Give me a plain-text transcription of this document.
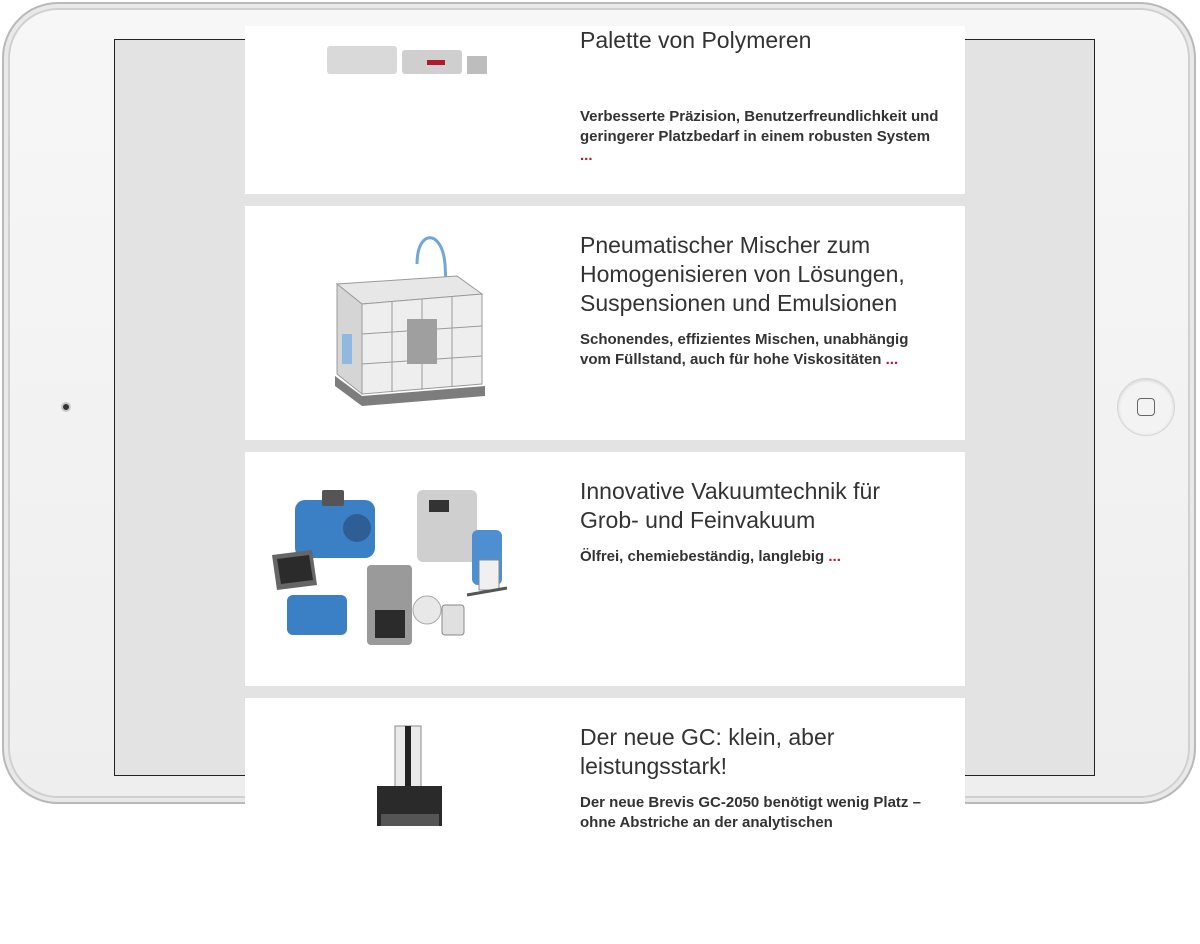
Palette von Polymeren

Verbesserte Präzision, Benutzerfreundlichkeit und geringerer Platzbedarf in einem robusten System ...

Pneumatischer Mischer zum Homogenisieren von Lösungen, Suspensionen und Emulsionen

Schonendes, effizientes Mischen, unabhängig vom Füllstand, auch für hohe Viskositäten ...

Innovative Vakuumtechnik für Grob- und Feinvakuum

Ölfrei, chemiebeständig, langlebig ...

Der neue GC: klein, aber leistungsstark!

Der neue Brevis GC-2050 benötigt wenig Platz – ohne Abstriche an der analytischen
